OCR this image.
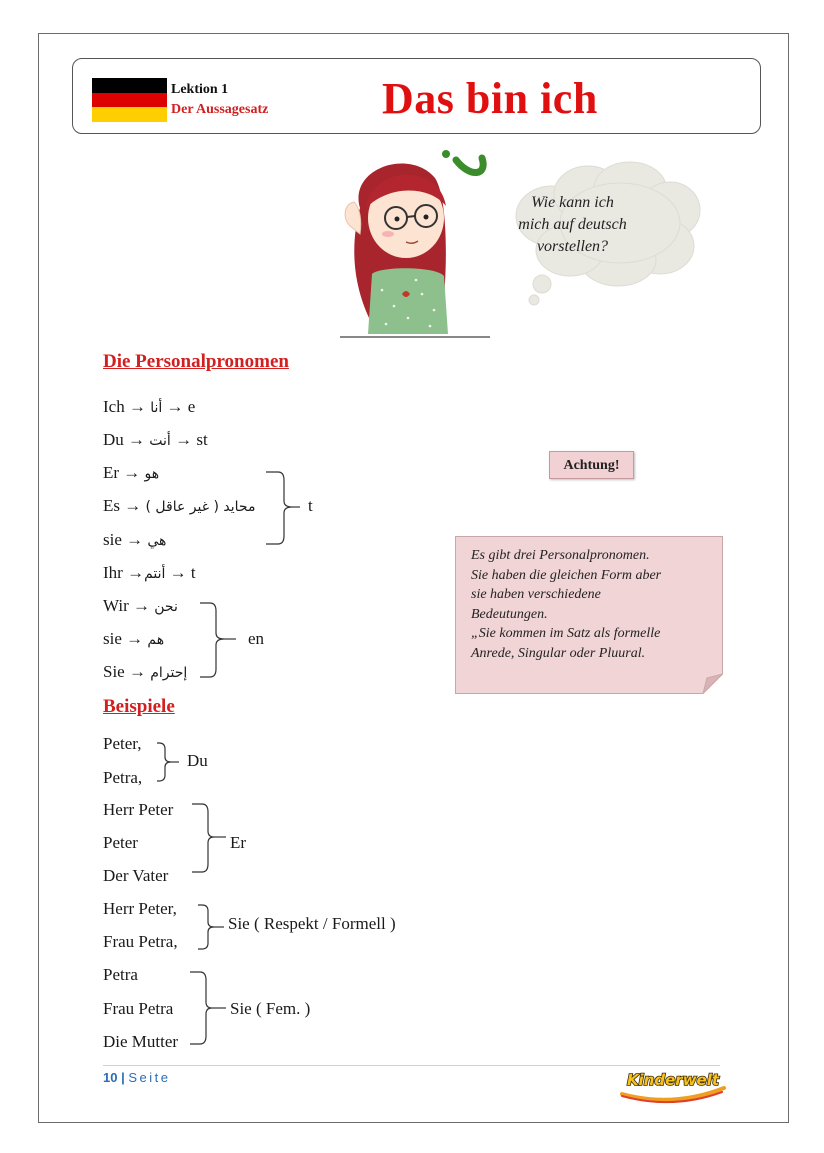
Lektion 1
Der Aussagesatz	Das bin ich
Wie kann ich
mich auf deutsch
vorstellen?
Die Personalpronomen
Ich → أنا → e
Du → أنت → st
Er → هو
Es → محايد ( غير عاقل )
sie → هي
Ihr →أنتم → t
Wir → نحن
sie → هم
Sie → إحترام
t
en
Achtung!
Es gibt drei Personalpronomen.
Sie haben die gleichen Form aber
sie haben verschiedene
Bedeutungen.
„Sie kommen im Satz als formelle
Anrede, Singular oder Pluural.
Beispiele
Peter,
Petra,
Du
Herr Peter
Peter
Der Vater
Er
Herr Peter,
Frau Petra,
Sie ( Respekt / Formell )
Petra
Frau Petra
Die Mutter
Sie ( Fem. )
10 | Seite	Kinderwelt
